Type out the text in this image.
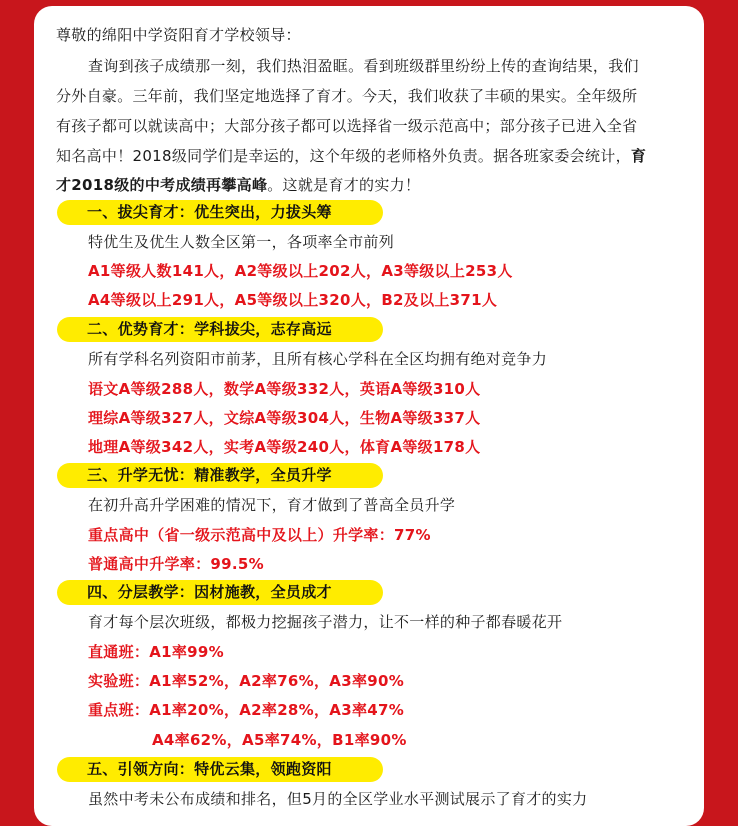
尊敬的绵阳中学资阳育才学校领导：
查询到孩子成绩那一刻，我们热泪盈眶。看到班级群里纷纷上传的查询结果，我们
分外自豪。三年前，我们坚定地选择了育才。今天，我们收获了丰硕的果实。全年级所
有孩子都可以就读高中；大部分孩子都可以选择省一级示范高中；部分孩子已进入全省
知名高中！2018级同学们是幸运的，这个年级的老师格外负责。据各班家委会统计，育
才2018级的中考成绩再攀高峰。这就是育才的实力！
一、拔尖育才：优生突出，力拔头筹
特优生及优生人数全区第一，各项率全市前列
A1等级人数141人，A2等级以上202人，A3等级以上253人
A4等级以上291人，A5等级以上320人，B2及以上371人
二、优势育才：学科拔尖，志存高远
所有学科名列资阳市前茅，且所有核心学科在全区均拥有绝对竞争力
语文A等级288人，数学A等级332人，英语A等级310人
理综A等级327人，文综A等级304人，生物A等级337人
地理A等级342人，实考A等级240人，体育A等级178人
三、升学无忧：精准教学，全员升学
在初升高升学困难的情况下，育才做到了普高全员升学
重点高中（省一级示范高中及以上）升学率：77%
普通高中升学率：99.5%
四、分层教学：因材施教，全员成才
育才每个层次班级，都极力挖掘孩子潜力，让不一样的种子都春暖花开
直通班：A1率99%
实验班：A1率52%，A2率76%，A3率90%
重点班：A1率20%，A2率28%，A3率47%
A4率62%，A5率74%，B1率90%
五、引领方向：特优云集，领跑资阳
虽然中考未公布成绩和排名，但5月的全区学业水平测试展示了育才的实力
